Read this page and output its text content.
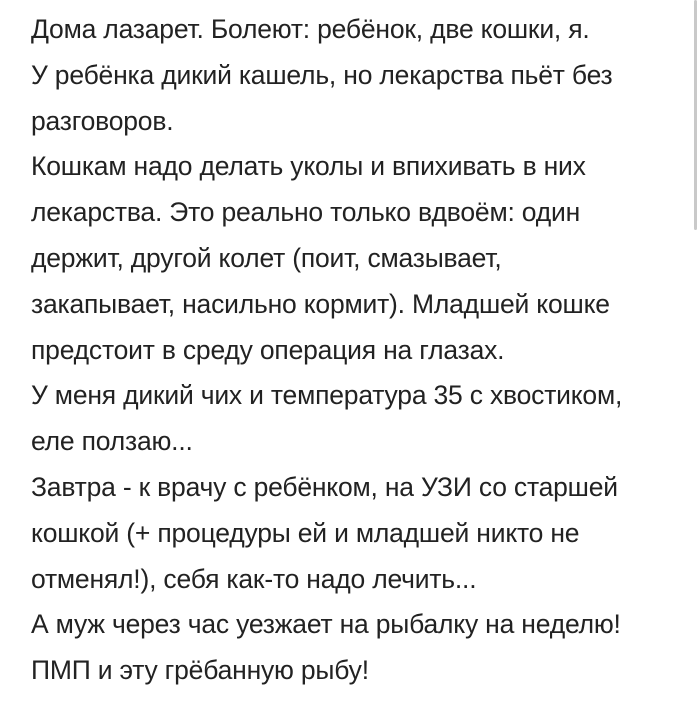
Дома лазарет. Болеют: ребёнок, две кошки, я.
У ребёнка дикий кашель, но лекарства пьёт без
разговоров.
Кошкам надо делать уколы и впихивать в них
лекарства. Это реально только вдвоём: один
держит, другой колет (поит, смазывает,
закапывает, насильно кормит). Младшей кошке
предстоит в среду операция на глазах.
У меня дикий чих и температура 35 с хвостиком,
еле ползаю...
Завтра - к врачу с ребёнком, на УЗИ со старшей
кошкой (+ процедуры ей и младшей никто не
отменял!), себя как-то надо лечить...
А муж через час уезжает на рыбалку на неделю!
ПМП и эту грёбанную рыбу!
